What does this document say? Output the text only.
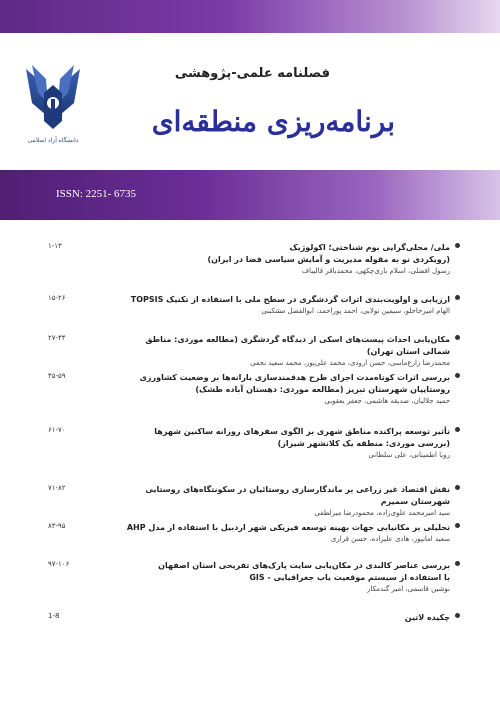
دانشگاه آزاد اسلامی
فصلنامه علمی-پژوهشی
برنامه‌ریزی منطقه‌ای
ISSN: 2251- 6735
ملی/ محلی‌گرایی بوم شناختی؛ اکولوژیک
(رویکردی نو به مقوله مدیریت و آمایش سیاسی فضا در ایران)
رسول افضلی، اسلام باری‌چکهی، محمدباقر قالیباف
۱-۱۳
ارزیابی و اولویت‌بندی اثرات گردشگری در سطح ملی با استفاده از تکنیک TOPSIS
الهام امیرحاجلو، سیمین تولایی، احمد پوراحمد، ابوالفضل مشکینی
۱۵-۲۶
مکان‌یابی احداث پیست‌های اسکی از دیدگاه گردشگری (مطالعه موردی: مناطق شمالی استان تهران)
محمدرضا زارع‌ماسی، حسن ارودی، محمد علی‌پور، محمد سعید نجفی
۲۷-۴۴
بررسی اثرات کوتاه‌مدت اجرای طرح هدفمندسازی یارانه‌ها بر وضعیت کشاورزی
روستاییان شهرستان تبریز (مطالعه موردی: دهستان آباده طشک)
حمید جلالیان، صدیقه هاشمی، جعفر یعقوبی
۴۵-۵۹
تأثیر توسعه پراکنده مناطق شهری بر الگوی سفرهای روزانه ساکنین شهرها
(بررسی موردی: منطقه یک کلانشهر شیراز)
رویا اطمینانی، علی سلطانی
۶۱-۷۰
نقش اقتصاد غیر زراعی بر ماندگارسازی روستائیان در سکونتگاه‌های روستایی شهرستان سمیرم
سید امیرمحمد علوی‌زاده، محمودرضا میرلطفی
۷۱-۸۲
تحلیلی بر مکانیابی جهات بهینه توسعه فیزیکی شهر اردبیل با استفاده از مدل AHP
سعید امانپور، هادی علیزاده، حسن قراری
۸۳-۹۵
بررسی عناصر کالبدی در مکان‌یابی سایت پارک‌های تفریحی استان اصفهان
با استفاده از سیستم موقعیت یاب جغرافیایی - GIS
نوشین قاسمی، امیر گندمکار
۹۷-۱۰۶
چکیده لاتین
1-8
